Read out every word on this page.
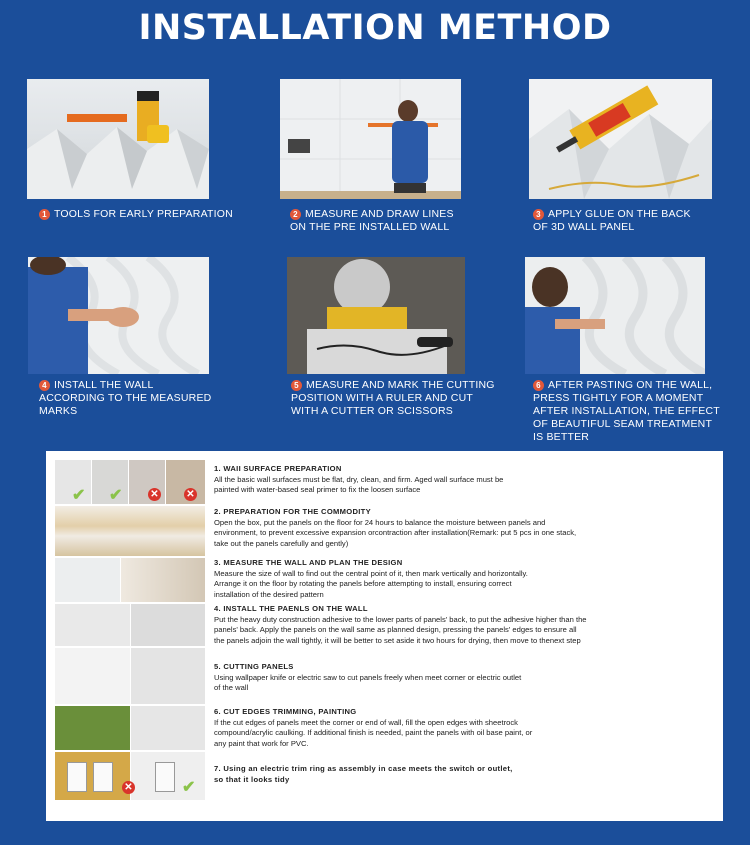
INSTALLATION METHOD
1 TOOLS FOR EARLY PREPARATION	2 MEASURE AND DRAW LINES ON THE PRE INSTALLED WALL
3 APPLY GLUE ON THE BACK OF 3D WALL PANEL
4 INSTALL THE WALL ACCORDING TO THE MEASURED MARKS
5 MEASURE AND MARK THE CUTTING POSITION WITH A RULER AND CUT WITH A CUTTER OR SCISSORS
6 AFTER PASTING ON THE WALL, PRESS TIGHTLY FOR A MOMENT AFTER INSTALLATION, THE EFFECT OF BEAUTIFUL SEAM TREATMENT IS BETTER
✔ ✔	✕	✕
✕	✔

1. WAII SURFACE PREPARATION

All the basic wall surfaces must be flat, dry, clean, and firm. Aged wall surface must be painted with water-based seal primer to fix the loosen surface

2. PREPARATION FOR THE COMMODITY

Open the box, put the panels on the floor for 24 hours to balance the moisture between panels and environment, to prevent excessive expansion orcontraction after installation(Remark: put 5 pcs in one stack, take out the panels carefully and gently)

3. MEASURE THE WALL AND PLAN THE DESIGN

Measure the size of wall to find out the central point of it, then mark vertically and horizontally. Arrange it on the floor by rotating the panels before attempting to install, ensuring correct installation of the desired pattern

4. INSTALL THE PAENLS ON THE WALL

Put the heavy duty construction adhesive to the lower parts of panels' back, to put the adhesive higher than the panels' back. Apply the panels on the wall same as planned design, pressing the panels' edges to ensure all the panels adjoin the wall tightly, it will be better to set aside it two hours for drying, then move to thenext step

5. CUTTING PANELS

Using wallpaper knife or electric saw to cut panels freely when meet corner or electric outlet of the wall

6. CUT EDGES TRIMMING, PAINTING

If the cut edges of panels meet the corner or end of wall, fill the open edges with sheetrock compound/acrylic caulking. If additional finish is needed, paint the panels with oil base paint, or any paint that work for PVC.

7. Using an electric trim ring as assembly in case meets the switch or outlet, so that it looks tidy
